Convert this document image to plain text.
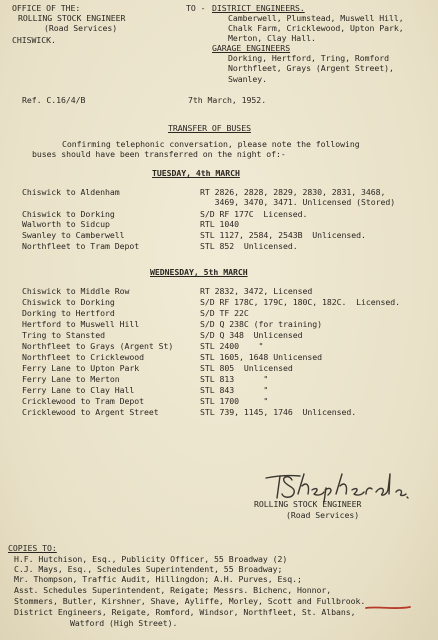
OFFICE OF THE:
ROLLING STOCK ENGINEER
(Road Services)
CHISWICK.
TO - DISTRICT ENGINEERS.
Camberwell, Plumstead, Muswell Hill,
Chalk Farm, Cricklewood, Upton Park,
Merton, Clay Hall.
GARAGE ENGINEERS
Dorking, Hertford, Tring, Romford
Northfleet, Grays (Argent Street),
Swanley.
Ref. C.16/4/B	7th March, 1952.
TRANSFER OF BUSES
Confirming telephonic conversation, please note the following
buses should have been transferred on the night of:-
TUESDAY, 4th MARCH
Chiswick to Aldenham	RT 2826, 2828, 2829, 2830, 2831, 3468,
3469, 3470, 3471. Unlicensed (Stored)
Chiswick to Dorking	S/D RF 177C  Licensed.
Walworth to Sidcup	RTL 1040
Swanley to Camberwell	STL 1127, 2584, 2543B  Unlicensed.
Northfleet to Tram Depot	STL 852  Unlicensed.
WEDNESDAY, 5th MARCH
Chiswick to Middle Row	RT 2832, 3472, Licensed
Chiswick to Dorking	S/D RF 178C, 179C, 180C, 182C.  Licensed.
Dorking to Hertford	S/D TF 22C
Hertford to Muswell Hill	S/D Q 238C (for training)
Tring to Stansted	S/D Q 348  Unlicensed
Northfleet to Grays (Argent St)	STL 2400    "
Northfleet to Cricklewood	STL 1605, 1648 Unlicensed
Ferry Lane to Upton Park	STL 805  Unlicensed
Ferry Lane to Merton	STL 813      "
Ferry Lane to Clay Hall	STL 843      "
Cricklewood to Tram Depot	STL 1700     "
Cricklewood to Argent Street	STL 739, 1145, 1746  Unlicensed.
ROLLING STOCK ENGINEER
(Road Services)
COPIES TO:
H.F. Hutchison, Esq., Publicity Officer, 55 Broadway (2)
C.J. Mays, Esq., Schedules Superintendent, 55 Broadway;
Mr. Thompson, Traffic Audit, Hillingdon; A.H. Purves, Esq.;
Asst. Schedules Superintendent, Reigate; Messrs. Bichenc, Honnor,
Stommers, Butler, Kirshner, Shave, Ayliffe, Morley, Scott and Fullbrook.
District Engineers, Reigate, Romford, Windsor, Northfleet, St. Albans,
Watford (High Street).
